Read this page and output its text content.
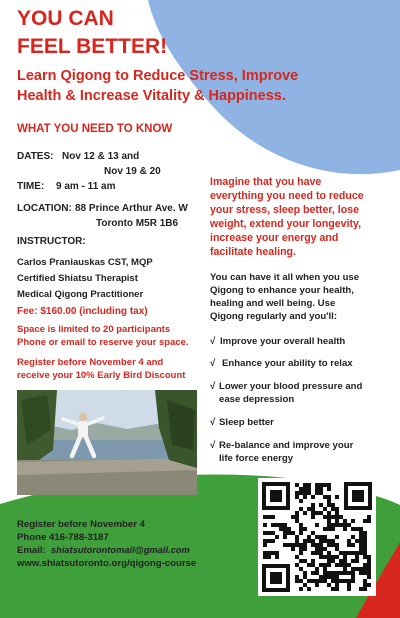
YOU CAN

FEEL BETTER!

Learn Qigong to Reduce Stress, Improve

Health & Increase Vitality & Happiness.

WHAT YOU NEED TO KNOW

DATES: Nov 12 & 13 and

Nov 19 & 20

TIME: 9 am - 11 am

LOCATION: 88 Prince Arthur Ave. W

Toronto M5R 1B6

INSTRUCTOR:

Carlos Praniauskas CST, MQP

Certified Shiatsu Therapist

Medical Qigong Practitioner

Fee: $160.00 (including tax)

Space is limited to 20 participants

Phone or email to reserve your space.

Register before November 4 and

receive your 10% Early Bird Discount

Imagine that you have

everything you need to reduce

your stress, sleep better, lose

weight, extend your longevity,

increase your energy and

facilitate healing.

You can have it all when you use

Qigong to enhance your health,

healing and well being. Use

Qigong regularly and you'll:

√ Improve your overall health

√ Enhance your ability to relax

√ Lower your blood pressure and

ease depression

√ Sleep better

√ Re-balance and improve your

life force energy

Register before November 4

Phone 416-788-3187

Email: shiatsutorontomail@gmail.com

www.shiatsutoronto.org/qigong-course
